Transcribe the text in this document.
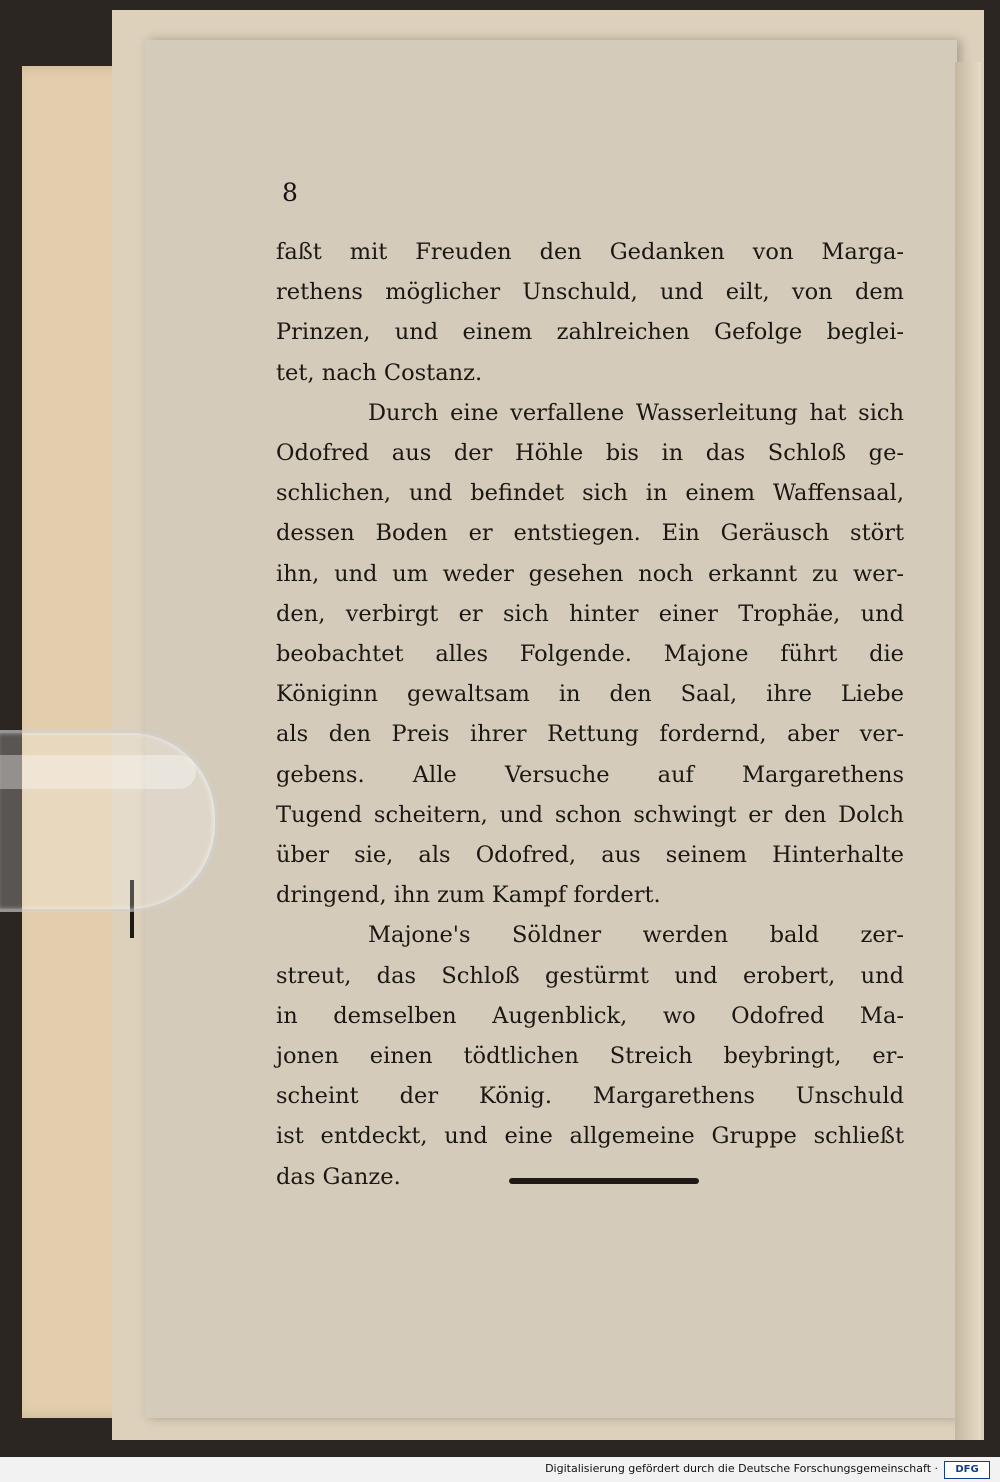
8
faßt mit Freuden den Gedanken von Marga-
rethens möglicher Unschuld, und eilt, von dem
Prinzen, und einem zahlreichen Gefolge beglei-
tet, nach Costanz.
Durch eine verfallene Wasserleitung hat sich
Odofred aus der Höhle bis in das Schloß ge-
schlichen, und befindet sich in einem Waffensaal,
dessen Boden er entstiegen. Ein Geräusch stört
ihn, und um weder gesehen noch erkannt zu wer-
den, verbirgt er sich hinter einer Trophäe, und
beobachtet alles Folgende. Majone führt die
Königinn gewaltsam in den Saal, ihre Liebe
als den Preis ihrer Rettung fordernd, aber ver-
gebens. Alle Versuche auf Margarethens
Tugend scheitern, und schon schwingt er den Dolch
über sie, als Odofred, aus seinem Hinterhalte
dringend, ihn zum Kampf fordert.
Majone's Söldner werden bald zer-
streut, das Schloß gestürmt und erobert, und
in demselben Augenblick, wo Odofred Ma-
jonen einen tödtlichen Streich beybringt, er-
scheint der König. Margarethens Unschuld
ist entdeckt, und eine allgemeine Gruppe schließt
das Ganze.
Digitalisierung gefördert durch die Deutsche Forschungsgemeinschaft ·	DFG
